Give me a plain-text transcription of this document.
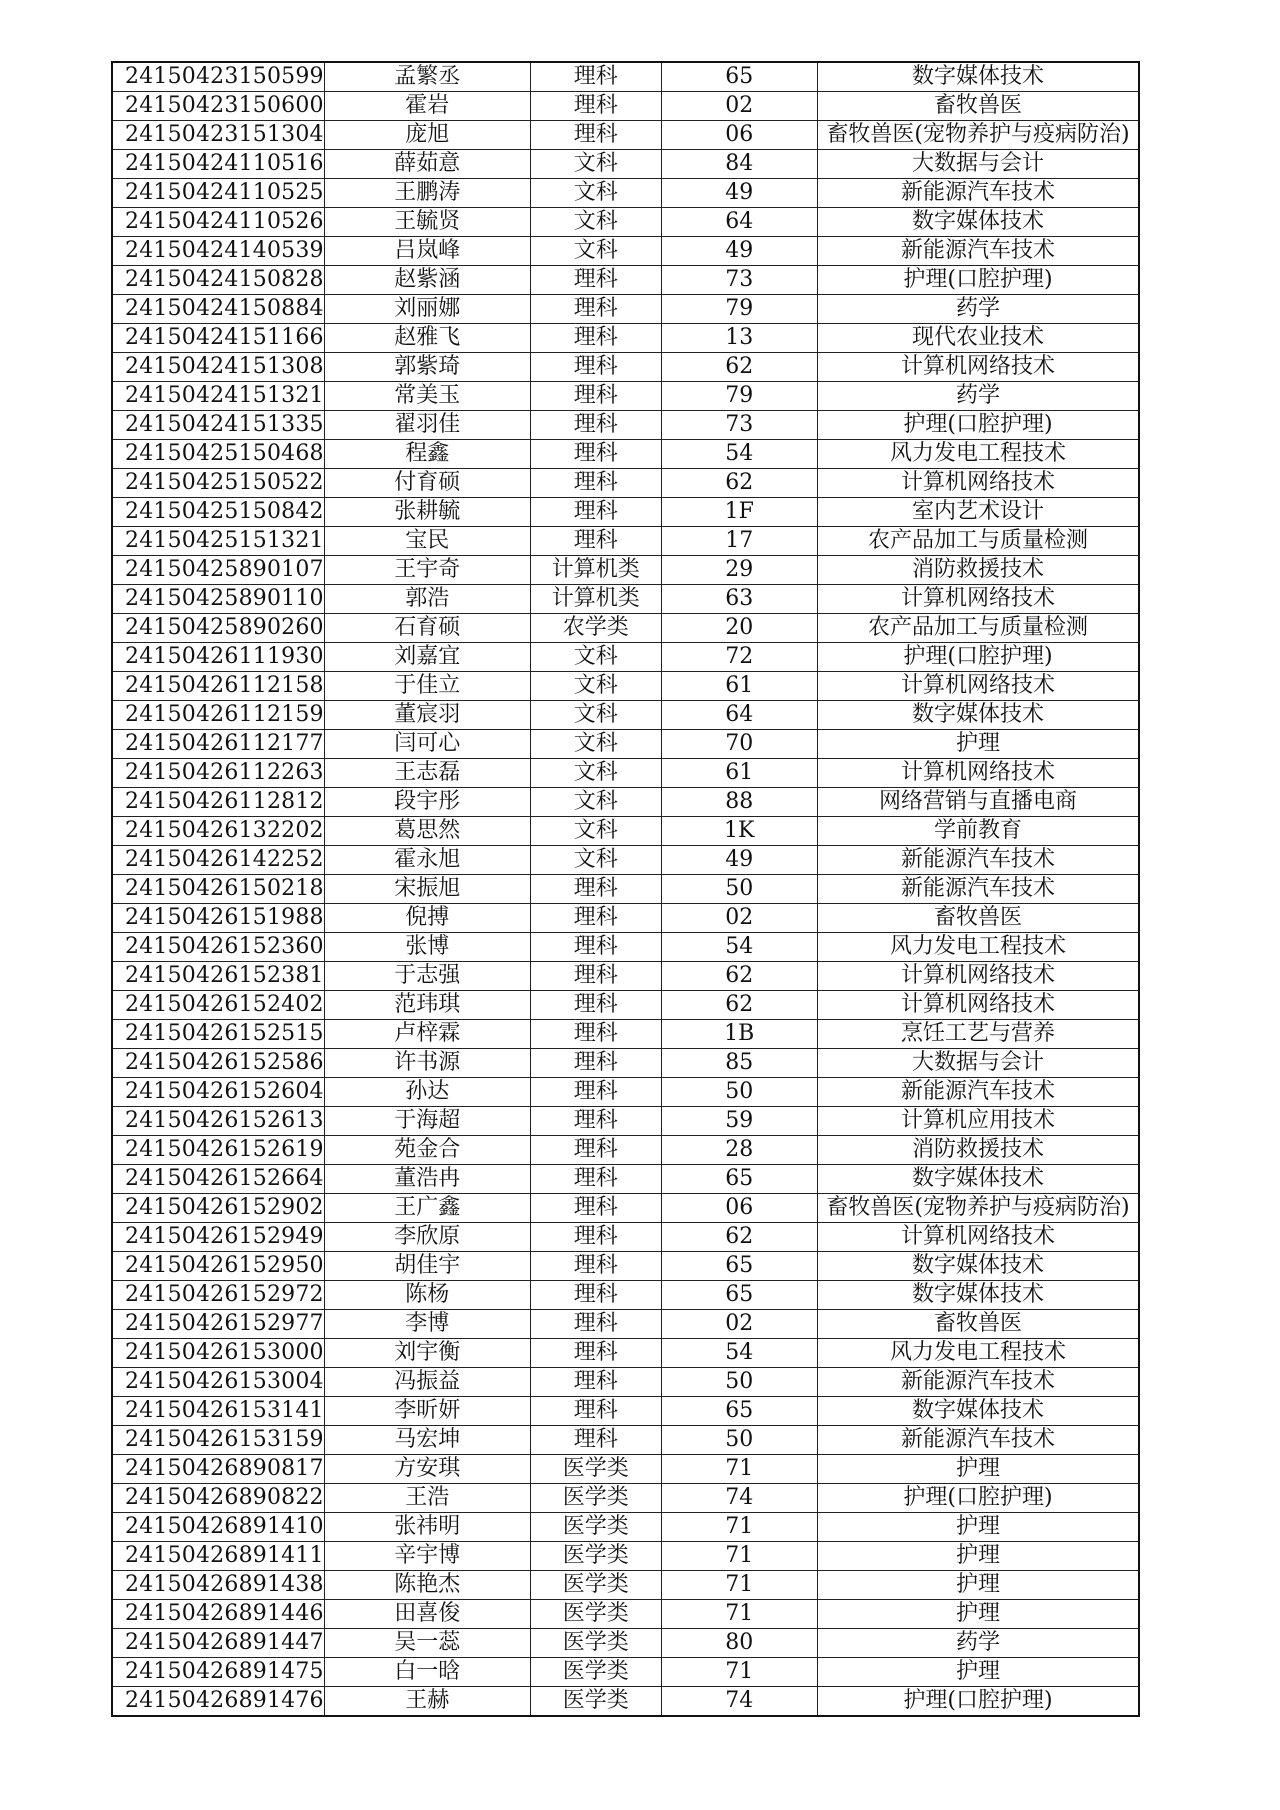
24150423150599	孟繁丞	理科	65	数字媒体技术
24150423150600	霍岩	理科	02	畜牧兽医
24150423151304	庞旭	理科	06	畜牧兽医(宠物养护与疫病防治)
24150424110516	薛茹意	文科	84	大数据与会计
24150424110525	王鹏涛	文科	49	新能源汽车技术
24150424110526	王毓贤	文科	64	数字媒体技术
24150424140539	吕岚峰	文科	49	新能源汽车技术
24150424150828	赵紫涵	理科	73	护理(口腔护理)
24150424150884	刘丽娜	理科	79	药学
24150424151166	赵雅飞	理科	13	现代农业技术
24150424151308	郭紫琦	理科	62	计算机网络技术
24150424151321	常美玉	理科	79	药学
24150424151335	翟羽佳	理科	73	护理(口腔护理)
24150425150468	程鑫	理科	54	风力发电工程技术
24150425150522	付育硕	理科	62	计算机网络技术
24150425150842	张耕毓	理科	1F	室内艺术设计
24150425151321	宝民	理科	17	农产品加工与质量检测
24150425890107	王宇奇	计算机类	29	消防救援技术
24150425890110	郭浩	计算机类	63	计算机网络技术
24150425890260	石育硕	农学类	20	农产品加工与质量检测
24150426111930	刘嘉宜	文科	72	护理(口腔护理)
24150426112158	于佳立	文科	61	计算机网络技术
24150426112159	董宸羽	文科	64	数字媒体技术
24150426112177	闫可心	文科	70	护理
24150426112263	王志磊	文科	61	计算机网络技术
24150426112812	段宇彤	文科	88	网络营销与直播电商
24150426132202	葛思然	文科	1K	学前教育
24150426142252	霍永旭	文科	49	新能源汽车技术
24150426150218	宋振旭	理科	50	新能源汽车技术
24150426151988	倪搏	理科	02	畜牧兽医
24150426152360	张博	理科	54	风力发电工程技术
24150426152381	于志强	理科	62	计算机网络技术
24150426152402	范玮琪	理科	62	计算机网络技术
24150426152515	卢梓霖	理科	1B	烹饪工艺与营养
24150426152586	许书源	理科	85	大数据与会计
24150426152604	孙达	理科	50	新能源汽车技术
24150426152613	于海超	理科	59	计算机应用技术
24150426152619	苑金合	理科	28	消防救援技术
24150426152664	董浩冉	理科	65	数字媒体技术
24150426152902	王广鑫	理科	06	畜牧兽医(宠物养护与疫病防治)
24150426152949	李欣原	理科	62	计算机网络技术
24150426152950	胡佳宇	理科	65	数字媒体技术
24150426152972	陈杨	理科	65	数字媒体技术
24150426152977	李博	理科	02	畜牧兽医
24150426153000	刘宇衡	理科	54	风力发电工程技术
24150426153004	冯振益	理科	50	新能源汽车技术
24150426153141	李昕妍	理科	65	数字媒体技术
24150426153159	马宏坤	理科	50	新能源汽车技术
24150426890817	方安琪	医学类	71	护理
24150426890822	王浩	医学类	74	护理(口腔护理)
24150426891410	张祎明	医学类	71	护理
24150426891411	辛宇博	医学类	71	护理
24150426891438	陈艳杰	医学类	71	护理
24150426891446	田喜俊	医学类	71	护理
24150426891447	吴一蕊	医学类	80	药学
24150426891475	白一晗	医学类	71	护理
24150426891476	王赫	医学类	74	护理(口腔护理)
